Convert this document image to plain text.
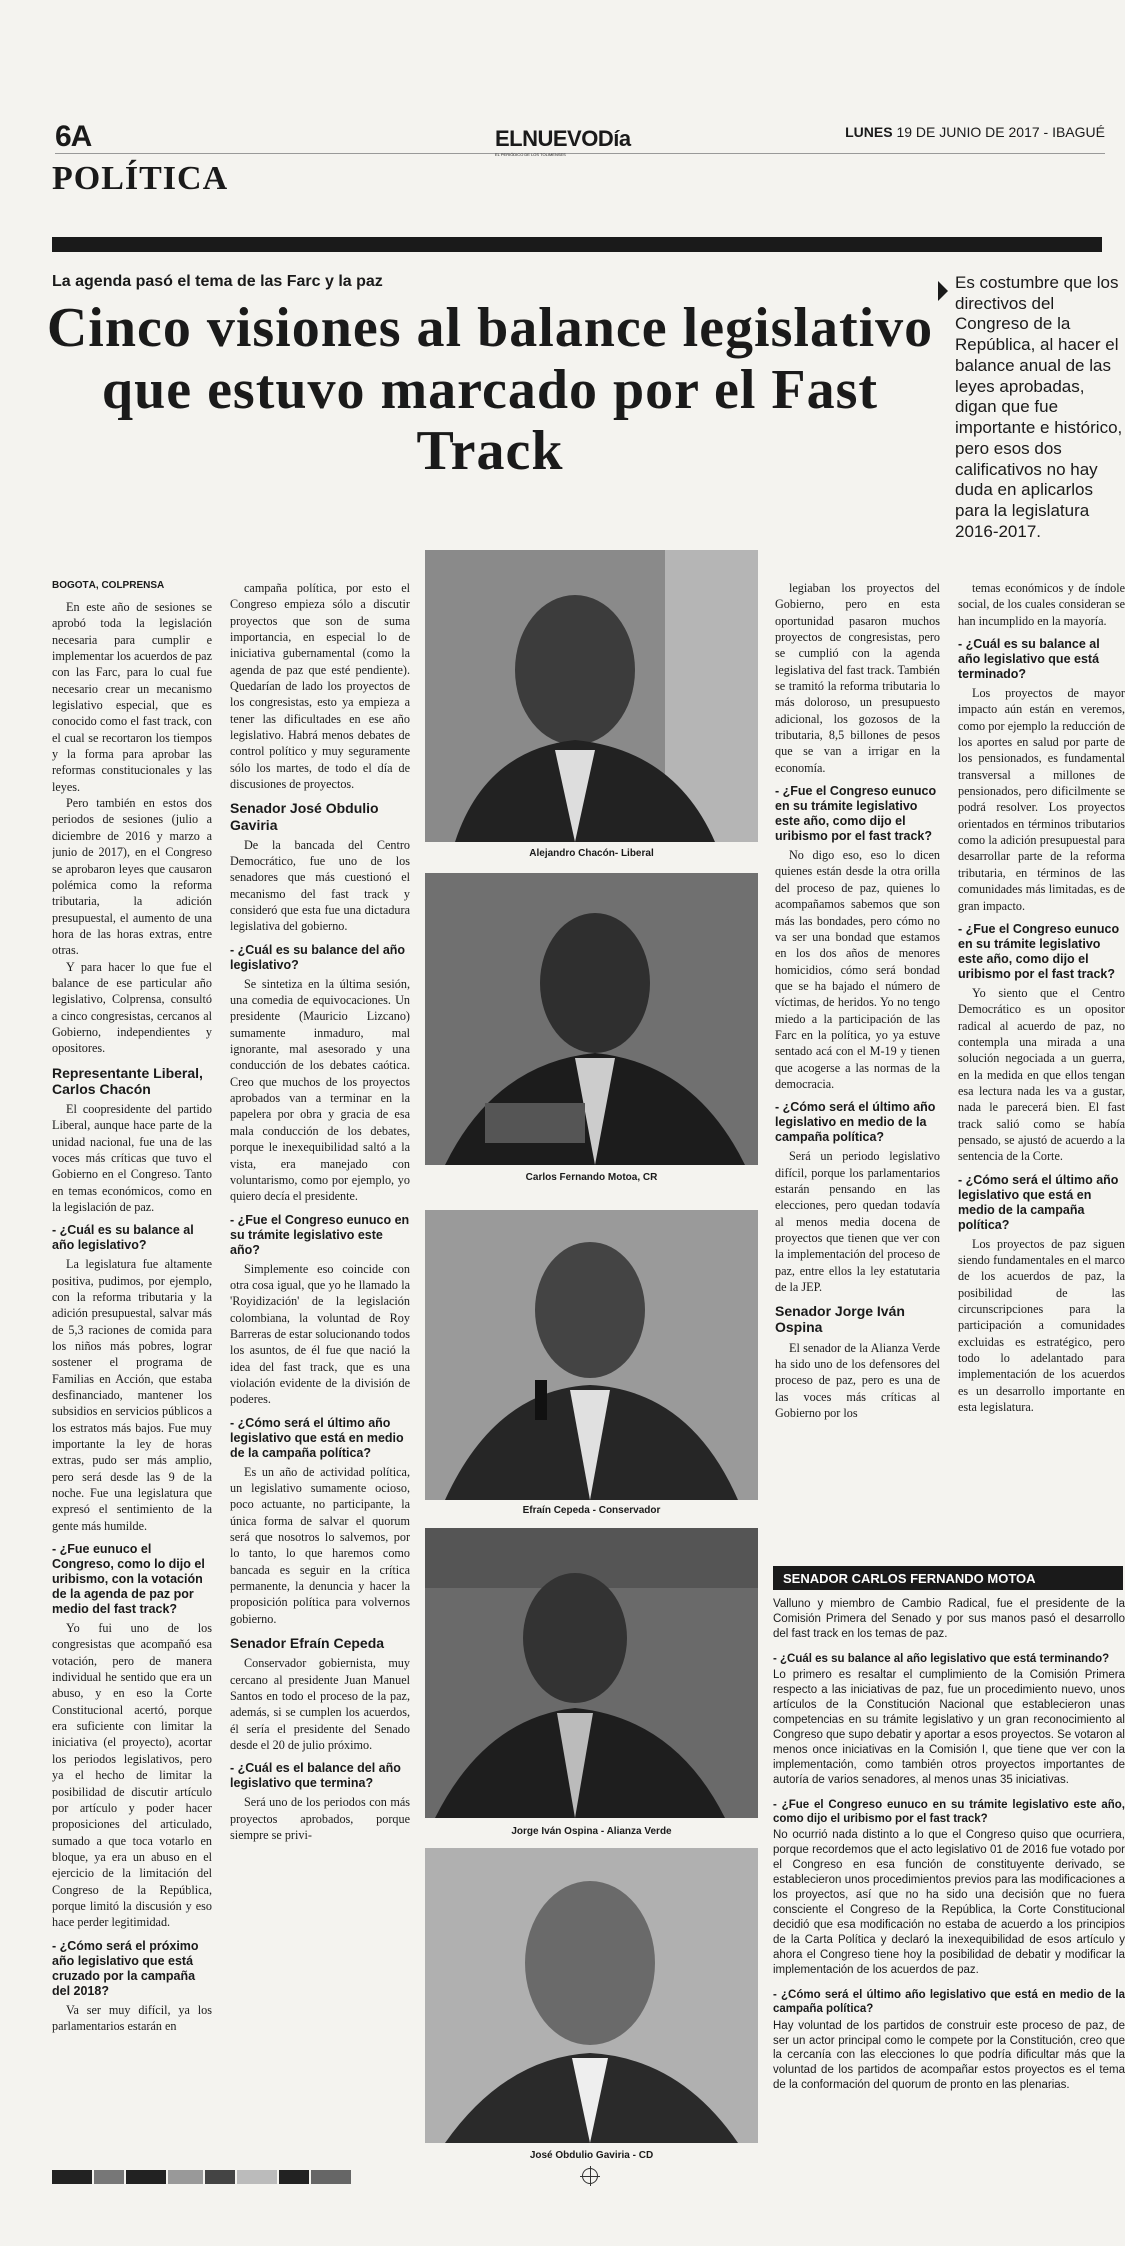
6A	ELNUEVODía
EL PERIÓDICO DE LOS TOLIMENSES
LUNES 19 DE JUNIO DE 2017 - IBAGUÉ
POLÍTICA
La agenda pasó el tema de las Farc y la paz
Cinco visiones al balance legislativo que estuvo marcado por el Fast Track
Es costumbre que los directivos del Congreso de la República, al hacer el balance anual de las leyes aprobadas, digan que fue importante e histórico, pero esos dos calificativos no hay duda en aplicarlos para la legislatura 2016-2017.
BOGOTÁ, COLPRENSA

En este año de sesiones se aprobó toda la legislación necesaria para cumplir e implementar los acuerdos de paz con las Farc, para lo cual fue necesario crear un mecanismo legislativo especial, que es conocido como el fast track, con el cual se recortaron los tiempos y la forma para aprobar las reformas constitucionales y las leyes.

Pero también en estos dos periodos de sesiones (julio a diciembre de 2016 y marzo a junio de 2017), en el Congreso se aprobaron leyes que causaron polémica como la reforma tributaria, la adición presupuestal, el aumento de una hora de las horas extras, entre otras.

Y para hacer lo que fue el balance de ese particular año legislativo, Colprensa, consultó a cinco congresistas, cercanos al Gobierno, independientes y opositores.

Representante Liberal, Carlos Chacón

El coopresidente del partido Liberal, aunque hace parte de la unidad nacional, fue una de las voces más críticas que tuvo el Gobierno en el Congreso. Tanto en temas económicos, como en la legislación de paz.

- ¿Cuál es su balance al año legislativo?

La legislatura fue altamente positiva, pudimos, por ejemplo, con la reforma tributaria y la adición presupuestal, salvar más de 5,3 raciones de comida para los niños más pobres, lograr sostener el programa de Familias en Acción, que estaba desfinanciado, mantener los subsidios en servicios públicos a los estratos más bajos. Fue muy importante la ley de horas extras, pudo ser más amplio, pero será desde las 9 de la noche. Fue una legislatura que expresó el sentimiento de la gente más humilde.

- ¿Fue eunuco el Congreso, como lo dijo el uribismo, con la votación de la agenda de paz por medio del fast track?

Yo fui uno de los congresistas que acompañó esa votación, pero de manera individual he sentido que era un abuso, y en eso la Corte Constitucional acertó, porque era suficiente con limitar la iniciativa (el proyecto), acortar los periodos legislativos, pero ya el hecho de limitar la posibilidad de discutir artículo por artículo y poder hacer proposiciones del articulado, sumado a que toca votarlo en bloque, ya era un abuso en el ejercicio de la limitación del Congreso de la República, porque limitó la discusión y eso hace perder legitimidad.

- ¿Cómo será el próximo año legislativo que está cruzado por la campaña del 2018?

Va ser muy difícil, ya los parlamentarios estarán en

campaña política, por esto el Congreso empieza sólo a discutir proyectos que son de suma importancia, en especial lo de iniciativa gubernamental (como la agenda de paz que esté pendiente). Quedarían de lado los proyectos de los congresistas, esto ya empieza a tener las dificultades en ese año legislativo. Habrá menos debates de control político y muy seguramente sólo los martes, de todo el día de discusiones de proyectos.

Senador José Obdulio Gaviria

De la bancada del Centro Democrático, fue uno de los senadores que más cuestionó el mecanismo del fast track y consideró que esta fue una dictadura legislativa del gobierno.

- ¿Cuál es su balance del año legislativo?

Se sintetiza en la última sesión, una comedia de equivocaciones. Un presidente (Mauricio Lizcano) sumamente inmaduro, mal ignorante, mal asesorado y una conducción de los debates caótica. Creo que muchos de los proyectos aprobados van a terminar en la papelera por obra y gracia de esa mala conducción de los debates, porque le inexequibilidad saltó a la vista, era manejado con voluntarismo, como por ejemplo, yo quiero decía el presidente.

- ¿Fue el Congreso eunuco en su trámite legislativo este año?

Simplemente eso coincide con otra cosa igual, que yo he llamado la 'Royidización' de la legislación colombiana, la voluntad de Roy Barreras de estar solucionando todos los asuntos, de él fue que nació la idea del fast track, que es una violación evidente de la división de poderes.

- ¿Cómo será el último año legislativo que está en medio de la campaña política?

Es un año de actividad política, un legislativo sumamente ocioso, poco actuante, no participante, la única forma de salvar el quorum será que nosotros lo salvemos, por lo tanto, lo que haremos como bancada es seguir en la crítica permanente, la denuncia y hacer la proposición política para volvernos gobierno.

Senador Efraín Cepeda

Conservador gobiernista, muy cercano al presidente Juan Manuel Santos en todo el proceso de la paz, además, si se cumplen los acuerdos, él sería el presidente del Senado desde el 20 de julio próximo.

- ¿Cuál es el balance del año legislativo que termina?

Será uno de los periodos con más proyectos aprobados, porque siempre se privi-

legiaban los proyectos del Gobierno, pero en esta oportunidad pasaron muchos proyectos de congresistas, pero se cumplió con la agenda legislativa del fast track. También se tramitó la reforma tributaria lo más doloroso, un presupuesto adicional, los gozosos de la tributaria, 8,5 billones de pesos que se van a irrigar en la economía.

- ¿Fue el Congreso eunuco en su trámite legislativo este año, como dijo el uribismo por el fast track?

No digo eso, eso lo dicen quienes están desde la otra orilla del proceso de paz, quienes lo acompañamos sabemos que son más las bondades, pero cómo no va ser una bondad que estamos en los dos años de menores homicidios, cómo será bondad que se ha bajado el número de víctimas, de heridos. Yo no tengo miedo a la participación de las Farc en la política, yo ya estuve sentado acá con el M-19 y tienen que acogerse a las normas de la democracia.

- ¿Cómo será el último año legislativo en medio de la campaña política?

Será un periodo legislativo difícil, porque los parlamentarios estarán pensando en las elecciones, pero quedan todavía al menos media docena de proyectos que tienen que ver con la implementación del proceso de paz, entre ellos la ley estatutaria de la JEP.

Senador Jorge Iván Ospina

El senador de la Alianza Verde ha sido uno de los defensores del proceso de paz, pero es una de las voces más críticas al Gobierno por los

temas económicos y de índole social, de los cuales consideran se han incumplido en la mayoría.

- ¿Cuál es su balance al año legislativo que está terminado?

Los proyectos de mayor impacto aún están en veremos, como por ejemplo la reducción de los aportes en salud por parte de los pensionados, es fundamental transversal a millones de pensionados, pero dificilmente se podrá resolver. Los proyectos orientados en términos tributarios como la adición presupuestal para desarrollar parte de la reforma tributaria, en términos de las comunidades más limitadas, es de gran impacto.

- ¿Fue el Congreso eunuco en su trámite legislativo este año, como dijo el uribismo por el fast track?

Yo siento que el Centro Democrático es un opositor radical al acuerdo de paz, no contempla una mirada a una solución negociada a un guerra, en la medida en que ellos tengan esa lectura nada les va a gustar, nada le parecerá bien. El fast track salió como se había pensado, se ajustó de acuerdo a la sentencia de la Corte.

- ¿Cómo será el último año legislativo que está en medio de la campaña política?

Los proyectos de paz siguen siendo fundamentales en el marco de los acuerdos de paz, la posibilidad de las circunscripciones para la participación a comunidades excluidas es estratégico, pero todo lo adelantado para implementación de los acuerdos es un desarrollo importante en esta legislatura.

Alejandro Chacón- Liberal
Carlos Fernando Motoa, CR
Efraín Cepeda - Conservador
Jorge Iván Ospina - Alianza Verde
José Obdulio Gaviria - CD
SENADOR CARLOS FERNANDO MOTOA

Valluno y miembro de Cambio Radical, fue el presidente de la Comisión Primera del Senado y por sus manos pasó el desarrollo del fast track en los temas de paz.

- ¿Cuál es su balance al año legislativo que está terminando?

Lo primero es resaltar el cumplimiento de la Comisión Primera respecto a las iniciativas de paz, fue un procedimiento nuevo, unos artículos de la Constitución Nacional que establecieron unas competencias en su trámite legislativo y un gran reconocimiento al Congreso que supo debatir y aportar a esos proyectos. Se votaron al menos once iniciativas en la Comisión I, que tiene que ver con la implementación, como también otros proyectos importantes de autoría de varios senadores, al menos unas 35 iniciativas.

- ¿Fue el Congreso eunuco en su trámite legislativo este año, como dijo el uribismo por el fast track?

No ocurrió nada distinto a lo que el Congreso quiso que ocurriera, porque recordemos que el acto legislativo 01 de 2016 fue votado por el Congreso en esa función de constituyente derivado, se establecieron unos procedimientos previos para las modificaciones a los proyectos, así que no ha sido una decisión que no fuera consciente el Congreso de la República, la Corte Constitucional decidió que esa modificación no estaba de acuerdo a los principios de la Carta Política y declaró la inexequibilidad de esos artículo y ahora el Congreso tiene hoy la posibilidad de debatir y modificar la implementación de los acuerdos de paz.

- ¿Cómo será el último año legislativo que está en medio de la campaña política?

Hay voluntad de los partidos de construir este proceso de paz, de ser un actor principal como le compete por la Constitución, creo que la cercanía con las elecciones lo que podría dificultar más que la voluntad de los partidos de acompañar estos proyectos es el tema de la conformación del quorum de pronto en las plenarias.
